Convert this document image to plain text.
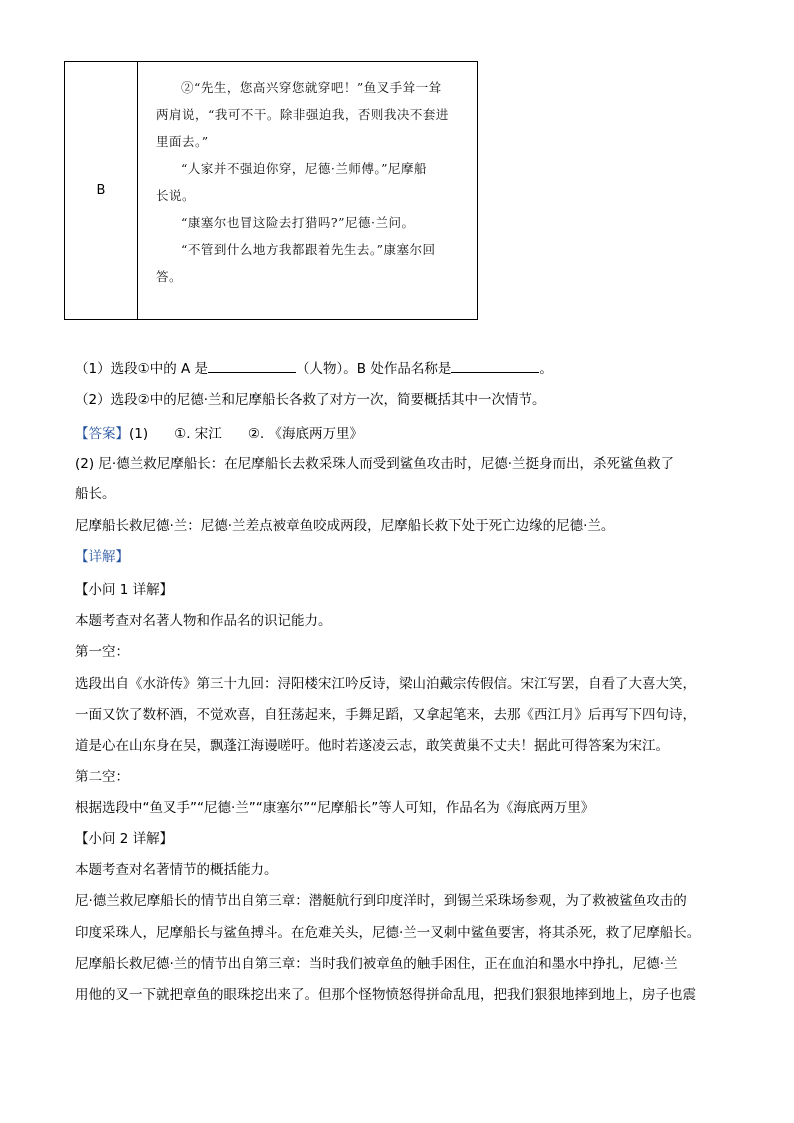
B

②“先生，您高兴穿您就穿吧！”鱼叉手耸一耸

两肩说，“我可不干。除非强迫我，否则我决不套进

里面去。”

“人家并不强迫你穿，尼德·兰师傅。”尼摩船

长说。

“康塞尔也冒这险去打猎吗?”尼德·兰问。

“不管到什么地方我都跟着先生去。”康塞尔回

答。

（1）选段①中的 A 是	（人物）。B 处作品名称是	。
（2）选段②中的尼德·兰和尼摩船长各救了对方一次，简要概括其中一次情节。
【答案】(1) ①. 宋江 ②. 《海底两万里》
(2) 尼·德兰救尼摩船长：在尼摩船长去救采珠人而受到鲨鱼攻击时，尼德·兰挺身而出，杀死鲨鱼救了
船长。
尼摩船长救尼德·兰：尼德·兰差点被章鱼咬成两段，尼摩船长救下处于死亡边缘的尼德·兰。
【详解】
【小问 1 详解】
本题考查对名著人物和作品名的识记能力。
第一空：
选段出自《水浒传》第三十九回：浔阳楼宋江吟反诗，梁山泊戴宗传假信。宋江写罢，自看了大喜大笑，
一面又饮了数杯酒，不觉欢喜，自狂荡起来，手舞足蹈，又拿起笔来，去那《西江月》后再写下四句诗，
道是心在山东身在吴，飘蓬江海谩嗟吁。他时若遂凌云志，敢笑黄巢不丈夫！据此可得答案为宋江。
第二空：
根据选段中“鱼叉手”“尼德·兰”“康塞尔”“尼摩船长”等人可知，作品名为《海底两万里》
【小问 2 详解】
本题考查对名著情节的概括能力。
尼·德兰救尼摩船长的情节出自第三章：潜艇航行到印度洋时，到锡兰采珠场参观，为了救被鲨鱼攻击的
印度采珠人，尼摩船长与鲨鱼搏斗。在危难关头，尼德·兰一叉刺中鲨鱼要害，将其杀死，救了尼摩船长。
尼摩船长救尼德·兰的情节出自第三章：当时我们被章鱼的触手困住，正在血泊和墨水中挣扎，尼德·兰
用他的叉一下就把章鱼的眼珠挖出来了。但那个怪物愤怒得拼命乱甩，把我们狠狠地摔到地上，房子也震
